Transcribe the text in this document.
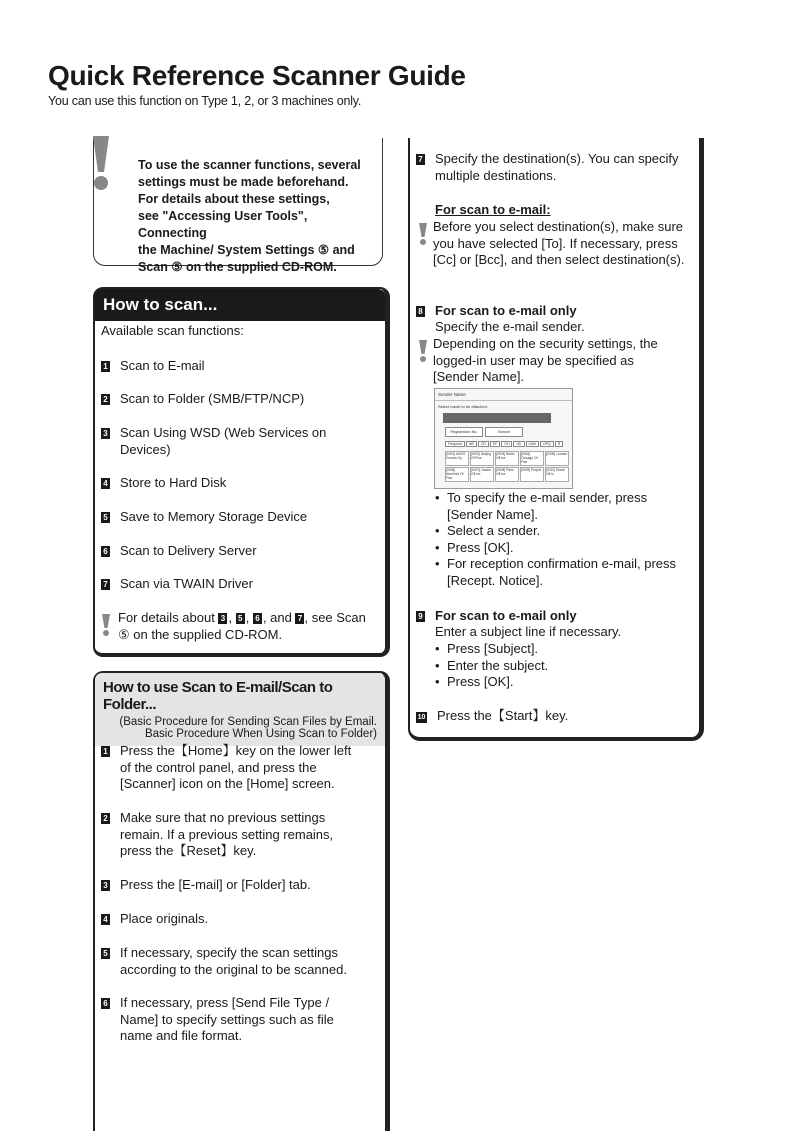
Quick Reference Scanner Guide
You can use this function on Type 1, 2, or 3 machines only.
To use the scanner functions, several
settings must be made beforehand.
For details about these settings,
see "Accessing User Tools", Connecting
the Machine/ System Settings ⑤ and
Scan ⑤ on the supplied CD-ROM.
How to scan...
Available scan functions:
1 Scan to E-mail
2 Scan to Folder (SMB/FTP/NCP)
3 Scan Using WSD (Web Services on Devices)
4 Store to Hard Disk
5 Save to Memory Storage Device
6 Scan to Delivery Server
7 Scan via TWAIN Driver
For details about 3 , 5 , 6 , and 7 , see Scan
⑤ on the supplied CD-ROM.
How to use Scan to E-mail/Scan to Folder...
(Basic Procedure for Sending Scan Files by Email.
Basic Procedure When Using Scan to Folder)
1 Press the【Home】key on the lower left of the control panel, and press the [Scanner] icon on the [Home] screen.
2 Make sure that no previous settings remain. If a previous setting remains, press the【Reset】key.
3 Press the [E-mail] or [Folder] tab.
4 Place originals.
5 If necessary, specify the scan settings according to the original to be scanned.
6 If necessary, press [Send File Type / Name] to specify settings such as file name and file format.
7 Specify the destination(s). You can specify multiple destinations.
For scan to e-mail:
Before you select destination(s), make sure you have selected [To]. If necessary, press [Cc] or [Bcc], and then select destination(s).
8 For scan to e-mail only
Specify the e-mail sender.
Depending on the security settings, the logged-in user may be specified as [Sender Name].
Sender Name
Select name to be attached.
Registration No.	Search
Frequent	AB	CD	EF	GH	IJK	LMN	OPQ	R
[0001] ADEO Comdo Oy
[0002] Beijing Of Fice
[0003] Berlin Off ice
[0004] Chicago Of Fice
[0005] London
[0006] NewYork Of Fice
[0007] Osaka Off ice
[0008] Paris Off ice
[0009] Project	[0010] Rome Off ic
• To specify the e-mail sender, press [Sender Name].
• Select a sender.
• Press [OK].
• For reception confirmation e-mail, press [Recept. Notice].
9 For scan to e-mail only
Enter a subject line if necessary.
• Press [Subject].
• Enter the subject.
• Press [OK].
10 Press the【Start】key.
